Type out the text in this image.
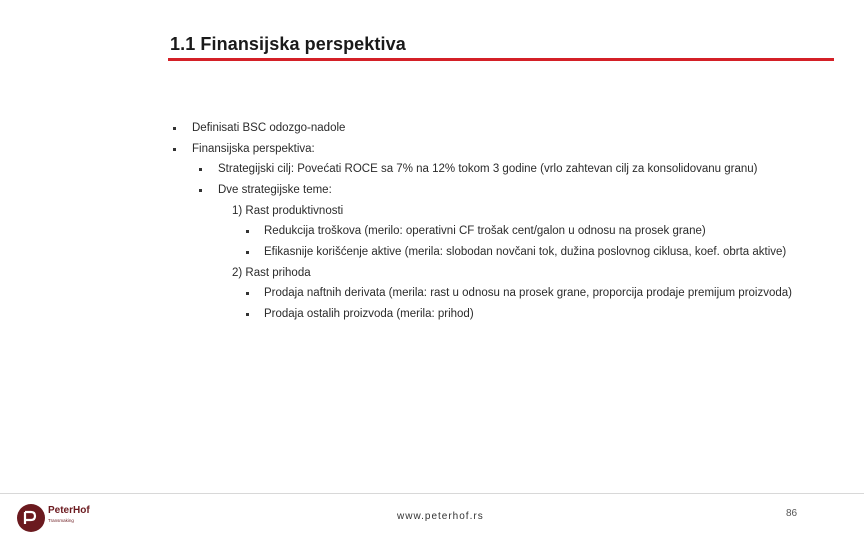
1.1 Finansijska perspektiva
Definisati BSC odozgo-nadole
Finansijska perspektiva:
Strategijski cilj: Povećati ROCE sa 7% na 12% tokom 3 godine (vrlo zahtevan cilj za konsolidovanu granu)
Dve strategijske teme:
1) Rast produktivnosti
Redukcija troškova (merilo: operativni CF trošak cent/galon u odnosu na prosek grane)
Efikasnije korišćenje aktive (merila: slobodan novčani tok, dužina poslovnog ciklusa, koef. obrta aktive)
2) Rast prihoda
Prodaja naftnih derivata (merila: rast u odnosu na prosek grane, proporcija prodaje premijum proizvoda)
Prodaja ostalih proizvoda (merila: prihod)
PeterHof
Transmaking	www.peterhof.rs	86
